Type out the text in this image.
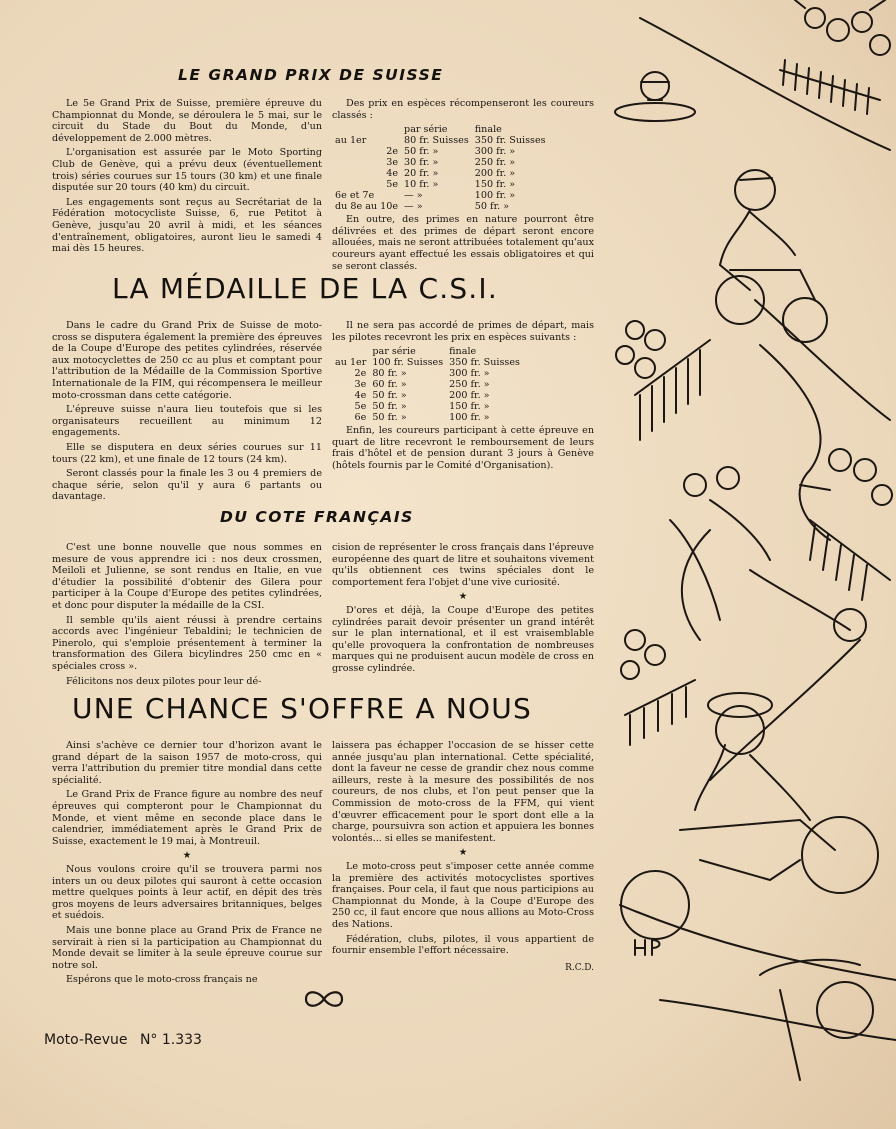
LE GRAND PRIX DE SUISSE

Le 5e Grand Prix de Suisse, première épreuve du Championnat du Monde, se déroulera le 5 mai, sur le circuit du Stade du Bout du Monde, d'un développement de 2.000 mètres.

L'organisation est assurée par le Moto Sporting Club de Genève, qui a prévu deux (éventuellement trois) séries courues sur 15 tours (30 km) et une finale disputée sur 20 tours (40 km) du circuit.

Les engagements sont reçus au Secrétariat de la Fédération motocycliste Suisse, 6, rue Petitot à Genève, jusqu'au 20 avril à midi, et les séances d'entraînement, obligatoires, auront lieu le samedi 4 mai dès 15 heures.

Des prix en espèces récompenseront les coureurs classés :

	par série	finale
au 1er	80 fr. Suisses	350 fr. Suisses
2e	50 fr. »	300 fr. »
3e	30 fr. »	250 fr. »
4e	20 fr. »	200 fr. »
5e	10 fr. »	150 fr. »
6e et 7e	— »	100 fr. »
du 8e au 10e	— »	50 fr. »

En outre, des primes en nature pourront être délivrées et des primes de départ seront encore allouées, mais ne seront attribuées totalement qu'aux coureurs ayant effectué les essais obligatoires et qui se seront classés.

LA MÉDAILLE DE LA C.S.I.

Dans le cadre du Grand Prix de Suisse de moto-cross se disputera également la première des épreuves de la Coupe d'Europe des petites cylindrées, réservée aux motocyclettes de 250 cc au plus et comptant pour l'attribution de la Médaille de la Commission Sportive Internationale de la FIM, qui récompensera le meilleur moto-crossman dans cette catégorie.

L'épreuve suisse n'aura lieu toutefois que si les organisateurs recueillent au minimum 12 engagements.

Elle se disputera en deux séries courues sur 11 tours (22 km), et une finale de 12 tours (24 km).

Seront classés pour la finale les 3 ou 4 premiers de chaque série, selon qu'il y aura 6 partants ou davantage.

Il ne sera pas accordé de primes de départ, mais les pilotes recevront les prix en espèces suivants :

	par série	finale
au 1er	100 fr. Suisses	350 fr. Suisses
2e	80 fr. »	300 fr. »
3e	60 fr. »	250 fr. »
4e	50 fr. »	200 fr. »
5e	50 fr. »	150 fr. »
6e	50 fr. »	100 fr. »

Enfin, les coureurs participant à cette épreuve en quart de litre recevront le remboursement de leurs frais d'hôtel et de pension durant 3 jours à Genève (hôtels fournis par le Comité d'Organisation).

DU COTE FRANÇAIS

C'est une bonne nouvelle que nous sommes en mesure de vous apprendre ici : nos deux crossmen, Meiloli et Julienne, se sont rendus en Italie, en vue d'étudier la possibilité d'obtenir des Gilera pour participer à la Coupe d'Europe des petites cylindrées, et donc pour disputer la médaille de la CSI.

Il semble qu'ils aient réussi à prendre certains accords avec l'ingénieur Tebaldini; le technicien de Pinerolo, qui s'emploie présentement à terminer la transformation des Gilera bicylindres 250 cmc en « spéciales cross ».

Félicitons nos deux pilotes pour leur dé-

cision de représenter le cross français dans l'épreuve européenne des quart de litre et souhaitons vivement qu'ils obtiennent ces twins spéciales dont le comportement fera l'objet d'une vive curiosité.

★

D'ores et déjà, la Coupe d'Europe des petites cylindrées parait devoir présenter un grand intérêt sur le plan international, et il est vraisemblable qu'elle provoquera la confrontation de nombreuses marques qui ne produisent aucun modèle de cross en grosse cylindrée.

UNE CHANCE S'OFFRE A NOUS

Ainsi s'achève ce dernier tour d'horizon avant le grand départ de la saison 1957 de moto-cross, qui verra l'attribution du premier titre mondial dans cette spécialité.

Le Grand Prix de France figure au nombre des neuf épreuves qui compteront pour le Championnat du Monde, et vient même en seconde place dans le calendrier, immédiatement après le Grand Prix de Suisse, exactement le 19 mai, à Montreuil.

★

Nous voulons croire qu'il se trouvera parmi nos inters un ou deux pilotes qui sauront à cette occasion mettre quelques points à leur actif, en dépit des très gros moyens de leurs adversaires britanniques, belges et suédois.

Mais une bonne place au Grand Prix de France ne servirait à rien si la participation au Championnat du Monde devait se limiter à la seule épreuve courue sur notre sol.

Espérons que le moto-cross français ne

laissera pas échapper l'occasion de se hisser cette année jusqu'au plan international. Cette spécialité, dont la faveur ne cesse de grandir chez nous comme ailleurs, reste à la mesure des possibilités de nos coureurs, de nos clubs, et l'on peut penser que la Commission de moto-cross de la FFM, qui vient d'œuvrer efficacement pour le sport dont elle a la charge, poursuivra son action et appuiera les bonnes volontés... si elles se manifestent.

★

Le moto-cross peut s'imposer cette année comme la première des activités motocyclistes sportives françaises. Pour cela, il faut que nous participions au Championnat du Monde, à la Coupe d'Europe des 250 cc, il faut encore que nous allions au Moto-Cross des Nations.

Fédération, clubs, pilotes, il vous appartient de fournir ensemble l'effort nécessaire.

R.C.D.
Moto-Revue N° 1.333
